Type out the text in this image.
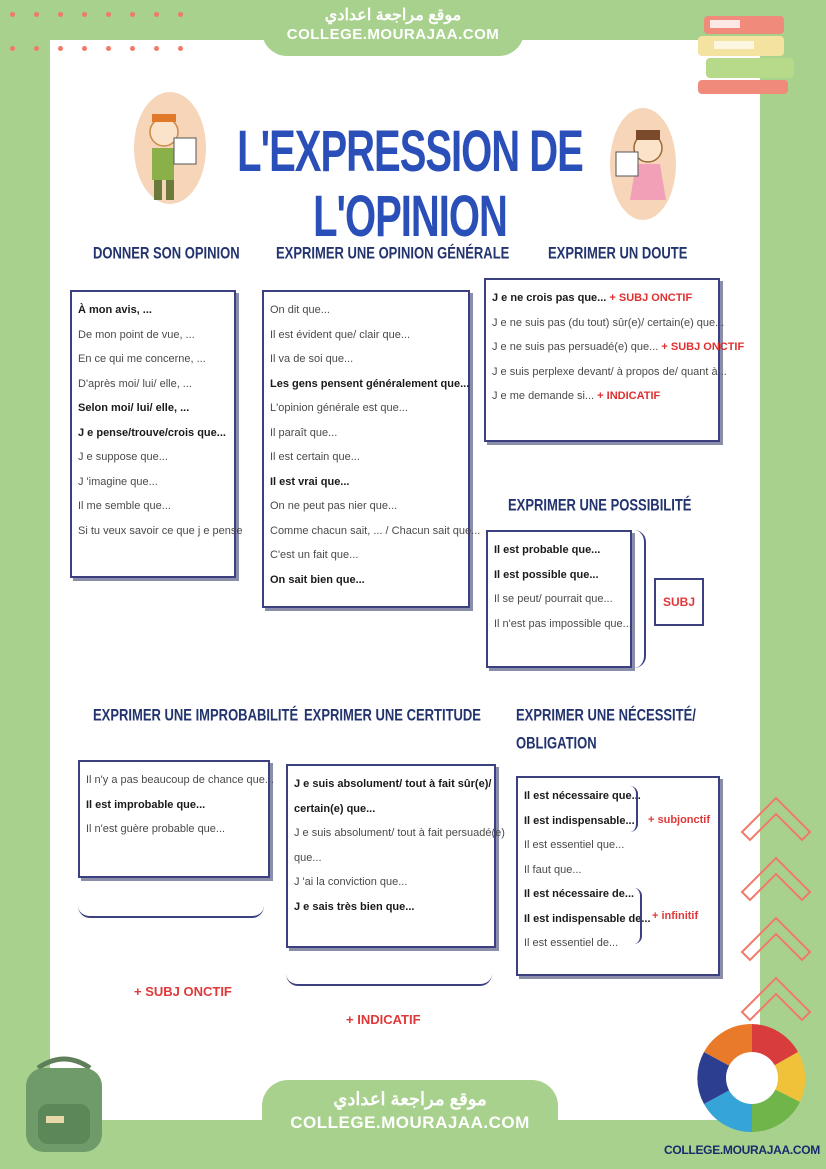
موقع مراجعة اعدادي
COLLEGE.MOURAJAA.COM
L'EXPRESSION DE L'OPINION
DONNER SON OPINION	EXPRIMER UNE OPINION GÉNÉRALE	EXPRIMER UN DOUTE
EXPRIMER UNE POSSIBILITÉ
EXPRIMER UNE IMPROBABILITÉ EXPRIMER UNE CERTITUDE	EXPRIMER UNE NÉCESSITÉ/
OBLIGATION
À mon avis, ...
De mon point de vue, ...
En ce qui me concerne, ...
D'après moi/ lui/ elle, ...
Selon moi/ lui/ elle, ...
J e pense/trouve/crois que...
J e suppose que...
J 'imagine que...
Il me semble que...
Si tu veux savoir ce que j e pense
On dit que...
Il est évident que/ clair que...
Il va de soi que...
Les gens pensent généralement que...
L'opinion générale est que...
Il paraît que...
Il est certain que...
Il est vrai que...
On ne peut pas nier que...
Comme chacun sait, ... / Chacun sait que...
C'est un fait que...
On sait bien que...
J e ne crois pas que... + SUBJ ONCTIF
J e ne suis pas (du tout) sûr(e)/ certain(e) que...
J e ne suis pas persuadé(e) que... + SUBJ ONCTIF
J e suis perplexe devant/ à propos de/ quant à...
J e me demande si... + INDICATIF
Il est probable que...
Il est possible que...
Il se peut/ pourrait que...
Il n'est pas impossible que...
SUBJ
Il n'y a pas beaucoup de chance que...
Il est improbable que...
Il n'est guère probable que...
+ SUBJ ONCTIF
J e suis absolument/ tout à fait sûr(e)/
certain(e) que...
J e suis absolument/ tout à fait persuadé(e)
que...
J 'ai la conviction que...
J e sais très bien que...
+ INDICATIF
Il est nécessaire que...
Il est indispensable...
Il est essentiel que...
Il faut que...
Il est nécessaire de...
Il est indispensable de...
Il est essentiel de...
+ subjonctif
+ infinitif
موقع مراجعة اعدادي
COLLEGE.MOURAJAA.COM
COLLEGE.MOURAJAA.COM
